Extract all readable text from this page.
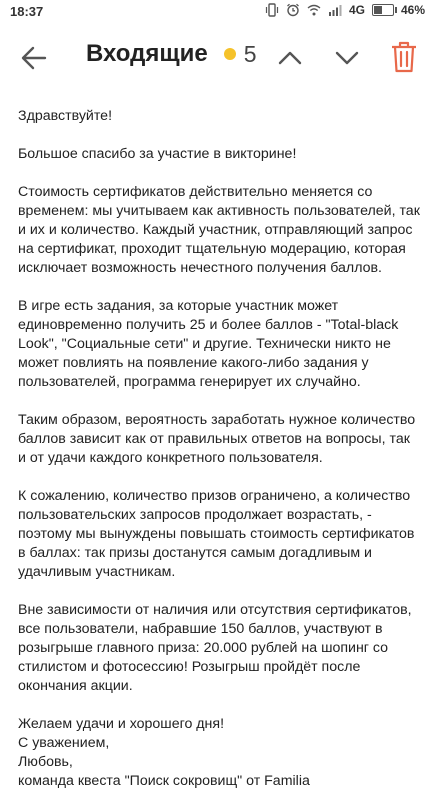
18:37	4G	46%
Входящие 5

Здравствуйте!

Большое спасибо за участие в викторине!

Стоимость сертификатов действительно меняется со временем: мы учитываем как активность пользователей, так и их и количество. Каждый участник, отправляющий запрос на сертификат, проходит тщательную модерацию, которая исключает возможность нечестного получения баллов.

В игре есть задания, за которые участник может единовременно получить 25 и более баллов - "Total-black Look", "Социальные сети" и другие. Технически никто не может повлиять на появление какого-либо задания у пользователей, программа генерирует их случайно.

Таким образом, вероятность заработать нужное количество баллов зависит как от правильных ответов на вопросы, так и от удачи каждого конкретного пользователя.

К сожалению, количество призов ограничено, а количество пользовательских запросов продолжает возрастать, - поэтому мы вынуждены повышать стоимость сертификатов в баллах: так призы достанутся самым догадливым и удачливым участникам.

Вне зависимости от наличия или отсутствия сертификатов, все пользователи, набравшие 150 баллов, участвуют в розыгрыше главного приза: 20.000 рублей на шопинг со стилистом и фотосессию! Розыгрыш пройдёт после окончания акции.

Желаем удачи и хорошего дня!

С уважением,

Любовь,

команда квеста "Поиск сокровищ" от Familia
